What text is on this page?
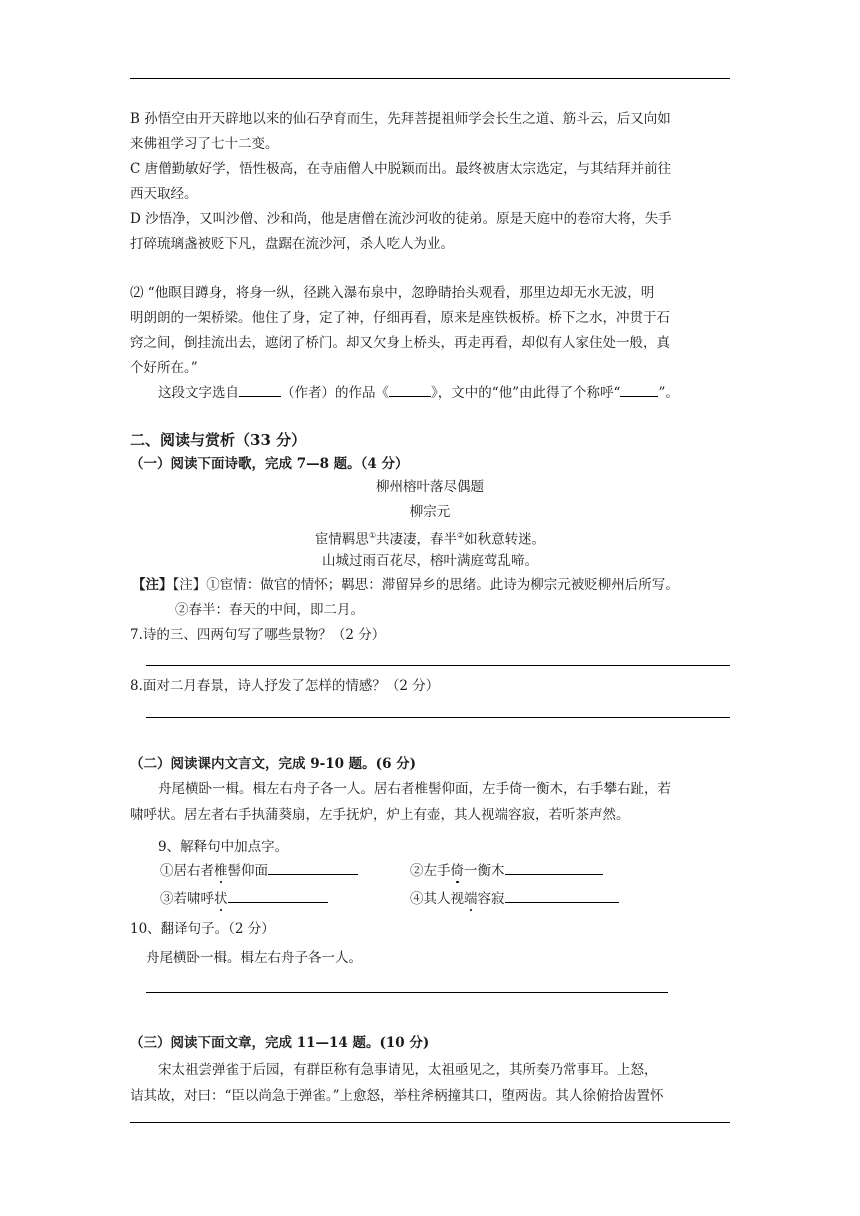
B 孙悟空由开天辟地以来的仙石孕育而生，先拜菩提祖师学会长生之道、筋斗云，后又向如
来佛祖学习了七十二变。
C 唐僧勤敏好学，悟性极高，在寺庙僧人中脱颖而出。最终被唐太宗选定，与其结拜并前往
西天取经。
D 沙悟净，又叫沙僧、沙和尚，他是唐僧在流沙河收的徒弟。原是天庭中的卷帘大将，失手
打碎琉璃盏被贬下凡，盘踞在流沙河，杀人吃人为业。
⑵ “他瞑目蹲身，将身一纵，径跳入瀑布泉中，忽睁睛抬头观看，那里边却无水无波，明
明朗朗的一架桥梁。他住了身，定了神，仔细再看，原来是座铁板桥。桥下之水，冲贯于石
窍之间，倒挂流出去，遮闭了桥门。却又欠身上桥头，再走再看，却似有人家住处一般，真
个好所在。”
这段文字选自	（作者）的作品《	》，文中的“他”由此得了个称呼“	”。
二、阅读与赏析（33 分）
（一）阅读下面诗歌，完成 7—8 题。（4 分）
柳州榕叶落尽偶题
柳宗元
宦情羁思①共凄凄，春半②如秋意转迷。
山城过雨百花尽，榕叶满庭莺乱啼。
【注】【注】①宦情：做官的情怀；羁思：滞留异乡的思绪。此诗为柳宗元被贬柳州后所写。
②春半：春天的中间，即二月。
7.诗的三、四两句写了哪些景物？（2 分）
8.面对二月春景，诗人抒发了怎样的情感？（2 分）
（二）阅读课内文言文，完成 9-10 题。(6 分)
舟尾横卧一楫。楫左右舟子各一人。居右者椎髻仰面，左手倚一衡木，右手攀右趾，若
啸呼状。居左者右手执蒲葵扇，左手抚炉，炉上有壶，其人视端容寂，若听茶声然。
9、解释句中加点字。
①居右者椎髻仰面	②左手倚一衡木
③若啸呼状	④其人视端容寂
10、翻译句子。（2 分）
舟尾横卧一楫。楫左右舟子各一人。
（三）阅读下面文章，完成 11—14 题。(10 分)
宋太祖尝弹雀于后园，有群臣称有急事请见，太祖亟见之，其所奏乃常事耳。上怒，
诘其故，对曰：“臣以尚急于弹雀。”上愈怒，举柱斧柄撞其口，堕两齿。其人徐俯拾齿置怀
